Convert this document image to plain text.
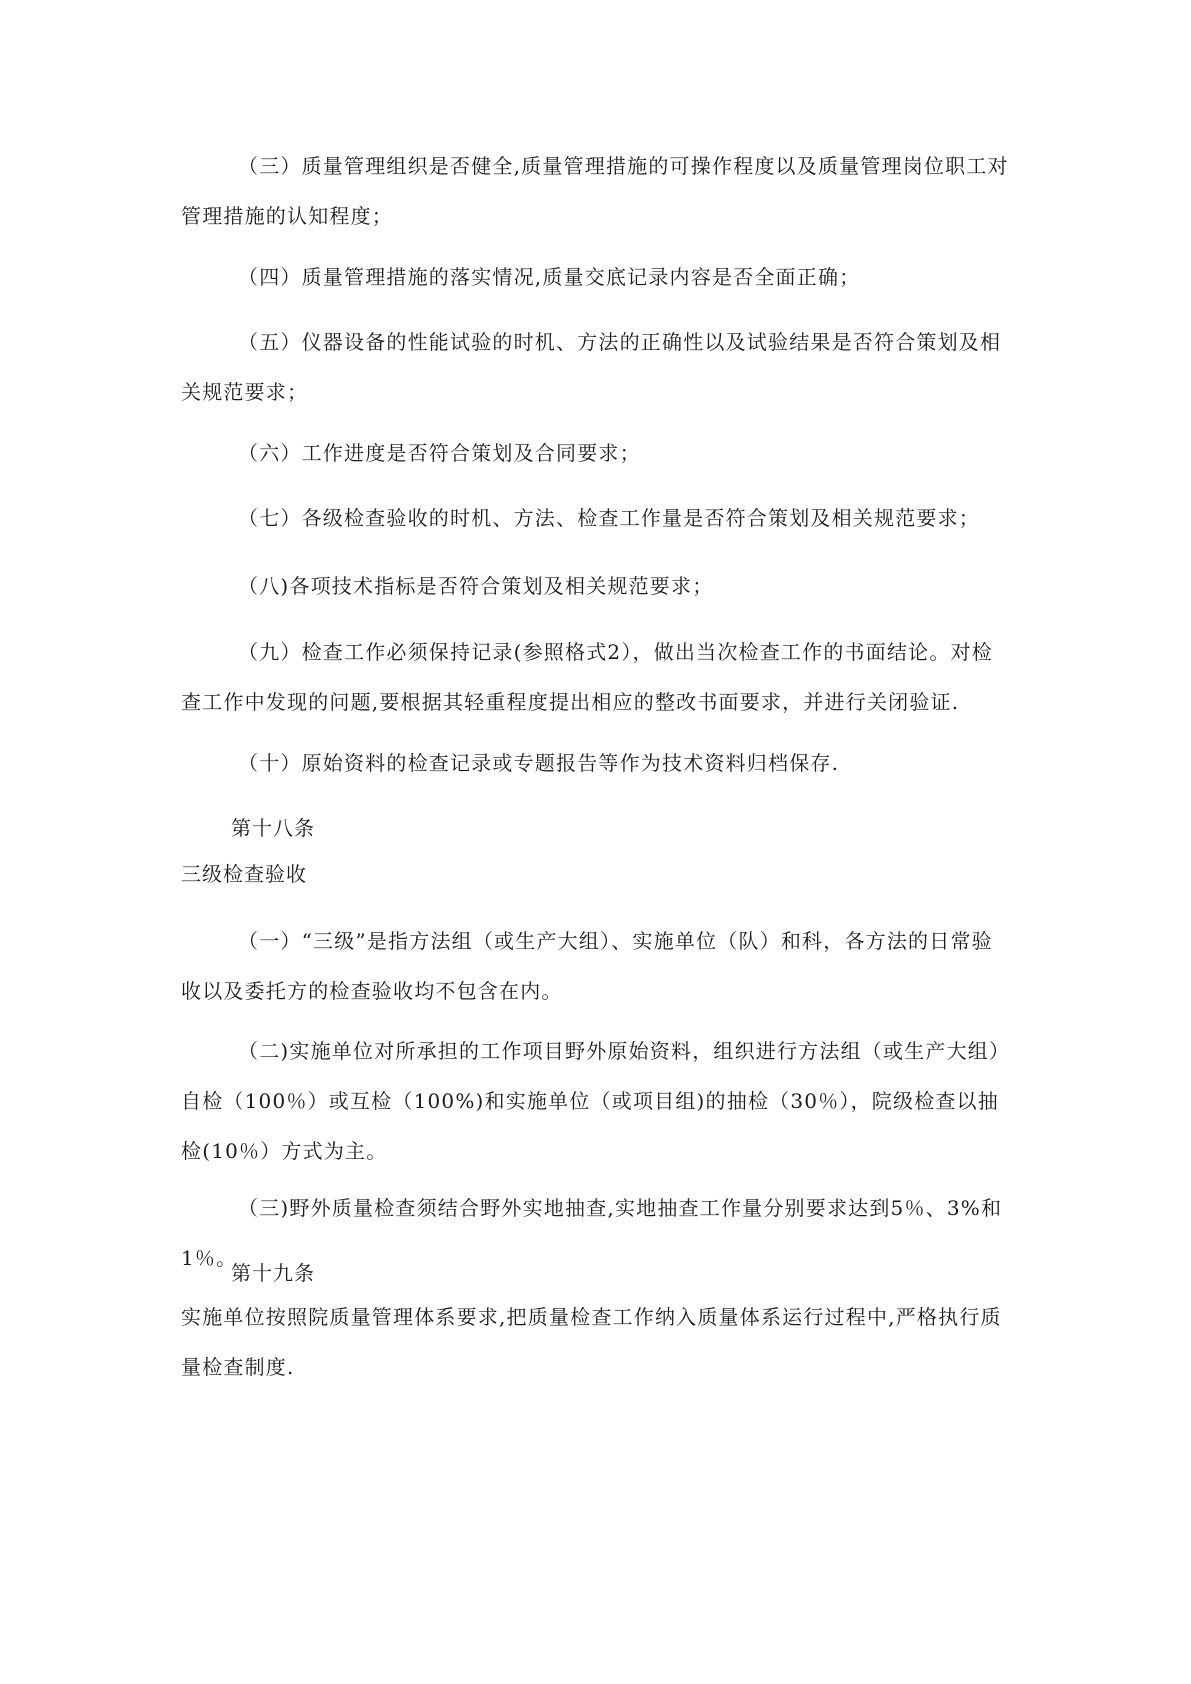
（三）质量管理组织是否健全,质量管理措施的可操作程度以及质量管理岗位职工对管理措施的认知程度；

（四）质量管理措施的落实情况,质量交底记录内容是否全面正确；

（五）仪器设备的性能试验的时机、方法的正确性以及试验结果是否符合策划及相关规范要求；

（六）工作进度是否符合策划及合同要求；

（七）各级检查验收的时机、方法、检查工作量是否符合策划及相关规范要求；

（八)各项技术指标是否符合策划及相关规范要求；

（九）检查工作必须保持记录(参照格式2），做出当次检查工作的书面结论。对检查工作中发现的问题,要根据其轻重程度提出相应的整改书面要求，并进行关闭验证.

（十）原始资料的检查记录或专题报告等作为技术资料归档保存.

第十八条

三级检查验收

（一）“三级”是指方法组（或生产大组）、实施单位（队）和科，各方法的日常验收以及委托方的检查验收均不包含在内。

（二)实施单位对所承担的工作项目野外原始资料，组织进行方法组（或生产大组）自检（100％）或互检（100%)和实施单位（或项目组)的抽检（30％），院级检查以抽检(10％）方式为主。

（三)野外质量检查须结合野外实地抽查,实地抽查工作量分别要求达到5％、3%和1％。

第十九条

实施单位按照院质量管理体系要求,把质量检查工作纳入质量体系运行过程中,严格执行质量检查制度.
